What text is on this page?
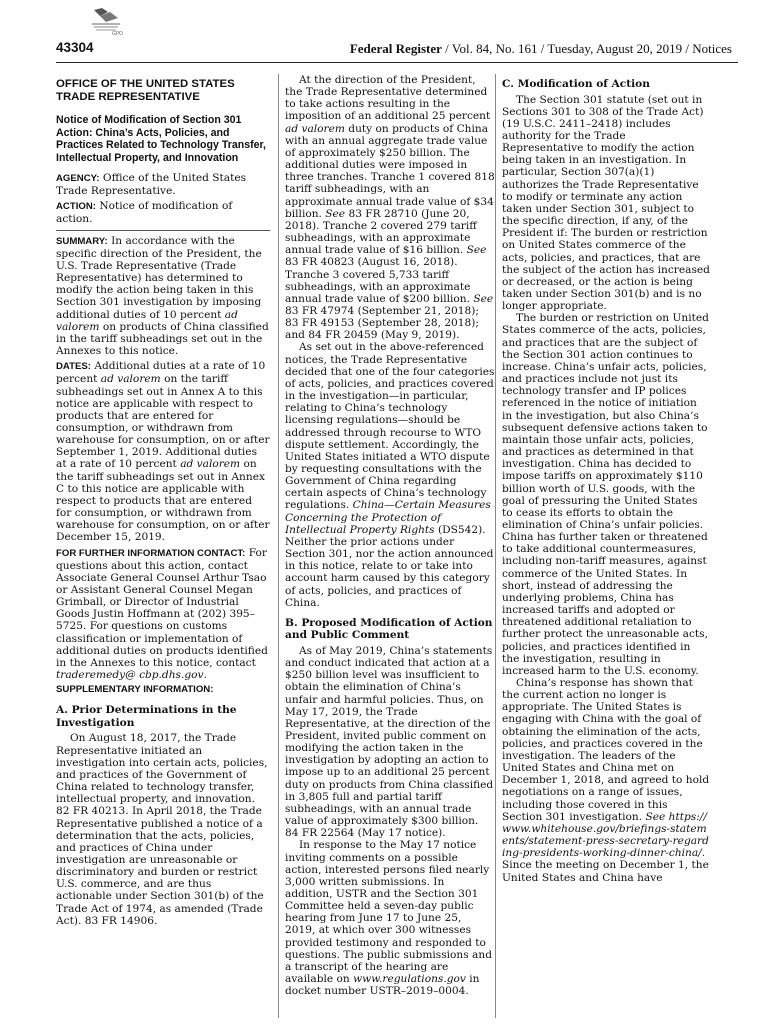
GPO
43304	Federal Register / Vol. 84, No. 161 / Tuesday, August 20, 2019 / Notices
OFFICE OF THE UNITED STATES TRADE REPRESENTATIVE
Notice of Modification of Section 301 Action: China’s Acts, Policies, and Practices Related to Technology Transfer, Intellectual Property, and Innovation

AGENCY: Office of the United States Trade Representative.

ACTION: Notice of modification of action.

SUMMARY: In accordance with the specific direction of the President, the U.S. Trade Representative (Trade Representative) has determined to modify the action being taken in this Section 301 investigation by imposing additional duties of 10 percent ad valorem on products of China classified in the tariff subheadings set out in the Annexes to this notice.

DATES: Additional duties at a rate of 10 percent ad valorem on the tariff subheadings set out in Annex A to this notice are applicable with respect to products that are entered for consumption, or withdrawn from warehouse for consumption, on or after September 1, 2019. Additional duties at a rate of 10 percent ad valorem on the tariff subheadings set out in Annex C to this notice are applicable with respect to products that are entered for consumption, or withdrawn from warehouse for consumption, on or after December 15, 2019.

FOR FURTHER INFORMATION CONTACT: For questions about this action, contact Associate General Counsel Arthur Tsao or Assistant General Counsel Megan Grimball, or Director of Industrial Goods Justin Hoffmann at (202) 395–5725. For questions on customs classification or implementation of additional duties on products identified in the Annexes to this notice, contact traderemedy@ cbp.dhs.gov.

SUPPLEMENTARY INFORMATION:
A. Prior Determinations in the Investigation

On August 18, 2017, the Trade Representative initiated an investigation into certain acts, policies, and practices of the Government of China related to technology transfer, intellectual property, and innovation. 82 FR 40213. In April 2018, the Trade Representative published a notice of a determination that the acts, policies, and practices of China under investigation are unreasonable or discriminatory and burden or restrict U.S. commerce, and are thus actionable under Section 301(b) of the Trade Act of 1974, as amended (Trade Act). 83 FR 14906.

At the direction of the President, the Trade Representative determined to take actions resulting in the imposition of an additional 25 percent ad valorem duty on products of China with an annual aggregate trade value of approximately $250 billion. The additional duties were imposed in three tranches. Tranche 1 covered 818 tariff subheadings, with an approximate annual trade value of $34 billion. See 83 FR 28710 (June 20, 2018). Tranche 2 covered 279 tariff subheadings, with an approximate annual trade value of $16 billion. See 83 FR 40823 (August 16, 2018). Tranche 3 covered 5,733 tariff subheadings, with an approximate annual trade value of $200 billion. See 83 FR 47974 (September 21, 2018); 83 FR 49153 (September 28, 2018); and 84 FR 20459 (May 9, 2019).

As set out in the above-referenced notices, the Trade Representative decided that one of the four categories of acts, policies, and practices covered in the investigation—in particular, relating to China’s technology licensing regulations—should be addressed through recourse to WTO dispute settlement. Accordingly, the United States initiated a WTO dispute by requesting consultations with the Government of China regarding certain aspects of China’s technology regulations. China—Certain Measures Concerning the Protection of Intellectual Property Rights (DS542). Neither the prior actions under Section 301, nor the action announced in this notice, relate to or take into account harm caused by this category of acts, policies, and practices of China.

B. Proposed Modification of Action and Public Comment

As of May 2019, China’s statements and conduct indicated that action at a $250 billion level was insufficient to obtain the elimination of China’s unfair and harmful policies. Thus, on May 17, 2019, the Trade Representative, at the direction of the President, invited public comment on modifying the action taken in the investigation by adopting an action to impose up to an additional 25 percent duty on products from China classified in 3,805 full and partial tariff subheadings, with an annual trade value of approximately $300 billion. 84 FR 22564 (May 17 notice).

In response to the May 17 notice inviting comments on a possible action, interested persons filed nearly 3,000 written submissions. In addition, USTR and the Section 301 Committee held a seven-day public hearing from June 17 to June 25, 2019, at which over 300 witnesses provided testimony and responded to questions. The public submissions and a transcript of the hearing are available on www.regulations.gov in docket number USTR–2019–0004.

C. Modification of Action

The Section 301 statute (set out in Sections 301 to 308 of the Trade Act) (19 U.S.C. 2411–2418) includes authority for the Trade Representative to modify the action being taken in an investigation. In particular, Section 307(a)(1) authorizes the Trade Representative to modify or terminate any action taken under Section 301, subject to the specific direction, if any, of the President if: The burden or restriction on United States commerce of the acts, policies, and practices, that are the subject of the action has increased or decreased, or the action is being taken under Section 301(b) and is no longer appropriate.

The burden or restriction on United States commerce of the acts, policies, and practices that are the subject of the Section 301 action continues to increase. China’s unfair acts, policies, and practices include not just its technology transfer and IP polices referenced in the notice of initiation in the investigation, but also China’s subsequent defensive actions taken to maintain those unfair acts, policies, and practices as determined in that investigation. China has decided to impose tariffs on approximately $110 billion worth of U.S. goods, with the goal of pressuring the United States to cease its efforts to obtain the elimination of China’s unfair policies. China has further taken or threatened to take additional countermeasures, including non-tariff measures, against commerce of the United States. In short, instead of addressing the underlying problems, China has increased tariffs and adopted or threatened additional retaliation to further protect the unreasonable acts, policies, and practices identified in the investigation, resulting in increased harm to the U.S. economy.

China’s response has shown that the current action no longer is appropriate. The United States is engaging with China with the goal of obtaining the elimination of the acts, policies, and practices covered in the investigation. The leaders of the United States and China met on December 1, 2018, and agreed to hold negotiations on a range of issues, including those covered in this Section 301 investigation. See https://www.whitehouse.gov/briefings-statements/statement-press-secretary-regarding-presidents-working-dinner-china/. Since the meeting on December 1, the United States and China have
